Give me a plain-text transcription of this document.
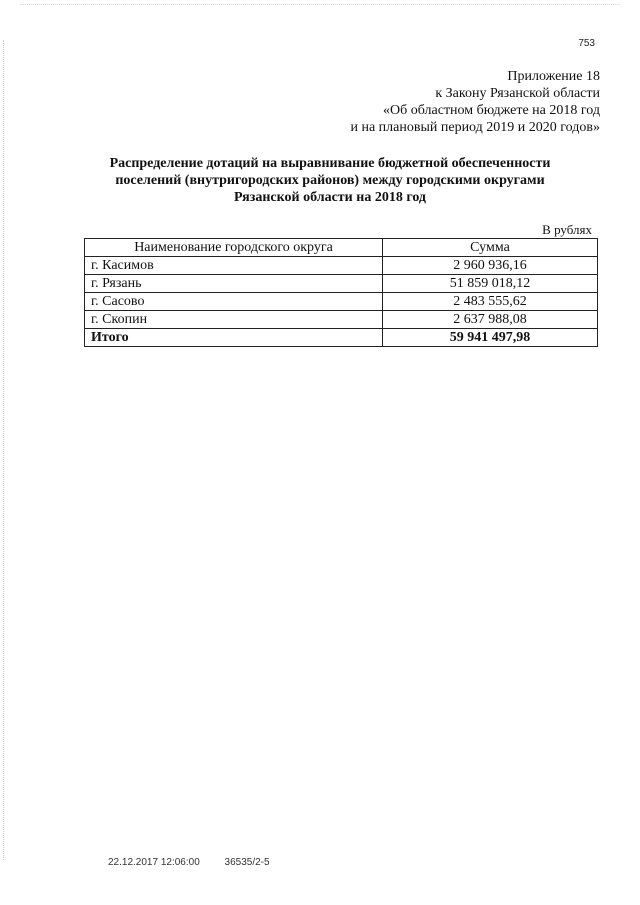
753
Приложение 18
к Закону Рязанской области
«Об областном бюджете на 2018 год
и на плановый период 2019 и 2020 годов»
Распределение дотаций на выравнивание бюджетной обеспеченности
поселений (внутригородских районов) между городскими округами
Рязанской области на 2018 год
В рублях
Наименование городского округа	Сумма
г. Касимов	2 960 936,16
г. Рязань	51 859 018,12
г. Сасово	2 483 555,62
г. Скопин	2 637 988,08
Итого	59 941 497,98
22.12.2017 12:06:00 36535/2-5
